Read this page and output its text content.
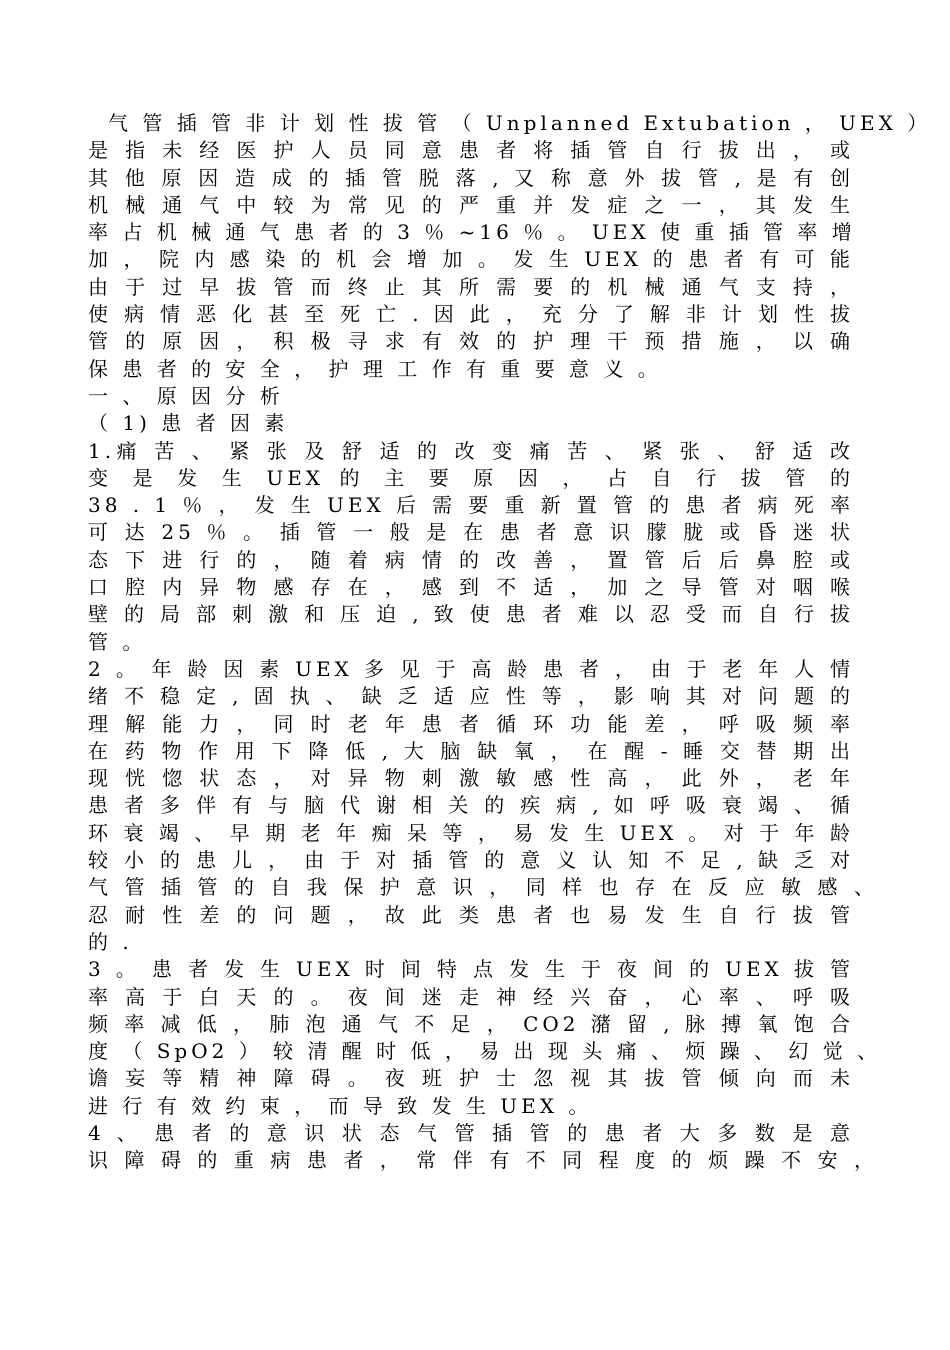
气 管 插 管 非 计 划 性 拔 管 （ Unplanned Extubation ， UEX ）
是 指 未 经 医 护 人 员 同 意 患 者 将 插 管 自 行 拔 出 ， 或
其 他 原 因 造 成 的 插 管 脱 落 , 又 称 意 外 拔 管 , 是 有 创
机 械 通 气 中 较 为 常 见 的 严 重 并 发 症 之 一 ， 其 发 生
率 占 机 械 通 气 患 者 的 3 ％ ~16 ％ 。 UEX 使 重 插 管 率 增
加 ， 院 内 感 染 的 机 会 增 加 。 发 生 UEX 的 患 者 有 可 能
由 于 过 早 拔 管 而 终 止 其 所 需 要 的 机 械 通 气 支 持 ，
使 病 情 恶 化 甚 至 死 亡 . 因 此 ， 充 分 了 解 非 计 划 性 拔
管 的 原 因 ， 积 极 寻 求 有 效 的 护 理 干 预 措 施 ， 以 确
保 患 者 的 安 全 ， 护 理 工 作 有 重 要 意 义 。
一 、 原 因 分 析
（ 1) 患 者 因 素
1.痛 苦 、 紧 张 及 舒 适 的 改 变 痛 苦 、 紧 张 、 舒 适 改
变 是 发 生 UEX 的 主 要 原 因 ， 占 自 行 拔 管 的
38 . 1 ％ ， 发 生 UEX 后 需 要 重 新 置 管 的 患 者 病 死 率
可 达 25 ％ 。 插 管 一 般 是 在 患 者 意 识 朦 胧 或 昏 迷 状
态 下 进 行 的 ， 随 着 病 情 的 改 善 ， 置 管 后 后 鼻 腔 或
口 腔 内 异 物 感 存 在 ， 感 到 不 适 ， 加 之 导 管 对 咽 喉
壁 的 局 部 刺 激 和 压 迫 , 致 使 患 者 难 以 忍 受 而 自 行 拔
管 。
2 。 年 龄 因 素 UEX 多 见 于 高 龄 患 者 ， 由 于 老 年 人 情
绪 不 稳 定 , 固 执 、 缺 乏 适 应 性 等 ， 影 响 其 对 问 题 的
理 解 能 力 ， 同 时 老 年 患 者 循 环 功 能 差 ， 呼 吸 频 率
在 药 物 作 用 下 降 低 , 大 脑 缺 氧 ， 在 醒 - 睡 交 替 期 出
现 恍 惚 状 态 ， 对 异 物 刺 激 敏 感 性 高 ， 此 外 ， 老 年
患 者 多 伴 有 与 脑 代 谢 相 关 的 疾 病 , 如 呼 吸 衰 竭 、 循
环 衰 竭 、 早 期 老 年 痴 呆 等 ， 易 发 生 UEX 。 对 于 年 龄
较 小 的 患 儿 ， 由 于 对 插 管 的 意 义 认 知 不 足 , 缺 乏 对
气 管 插 管 的 自 我 保 护 意 识 ， 同 样 也 存 在 反 应 敏 感 、
忍 耐 性 差 的 问 题 ， 故 此 类 患 者 也 易 发 生 自 行 拔 管
的 .
3 。 患 者 发 生 UEX 时 间 特 点 发 生 于 夜 间 的 UEX 拔 管
率 高 于 白 天 的 。 夜 间 迷 走 神 经 兴 奋 ， 心 率 、 呼 吸
频 率 减 低 ， 肺 泡 通 气 不 足 ， CO2 潴 留 , 脉 搏 氧 饱 合
度 （ SpO2 ） 较 清 醒 时 低 ， 易 出 现 头 痛 、 烦 躁 、 幻 觉 、
谵 妄 等 精 神 障 碍 。 夜 班 护 士 忽 视 其 拔 管 倾 向 而 未
进 行 有 效 约 束 ， 而 导 致 发 生 UEX 。
4 、 患 者 的 意 识 状 态 气 管 插 管 的 患 者 大 多 数 是 意
识 障 碍 的 重 病 患 者 ， 常 伴 有 不 同 程 度 的 烦 躁 不 安 ，
